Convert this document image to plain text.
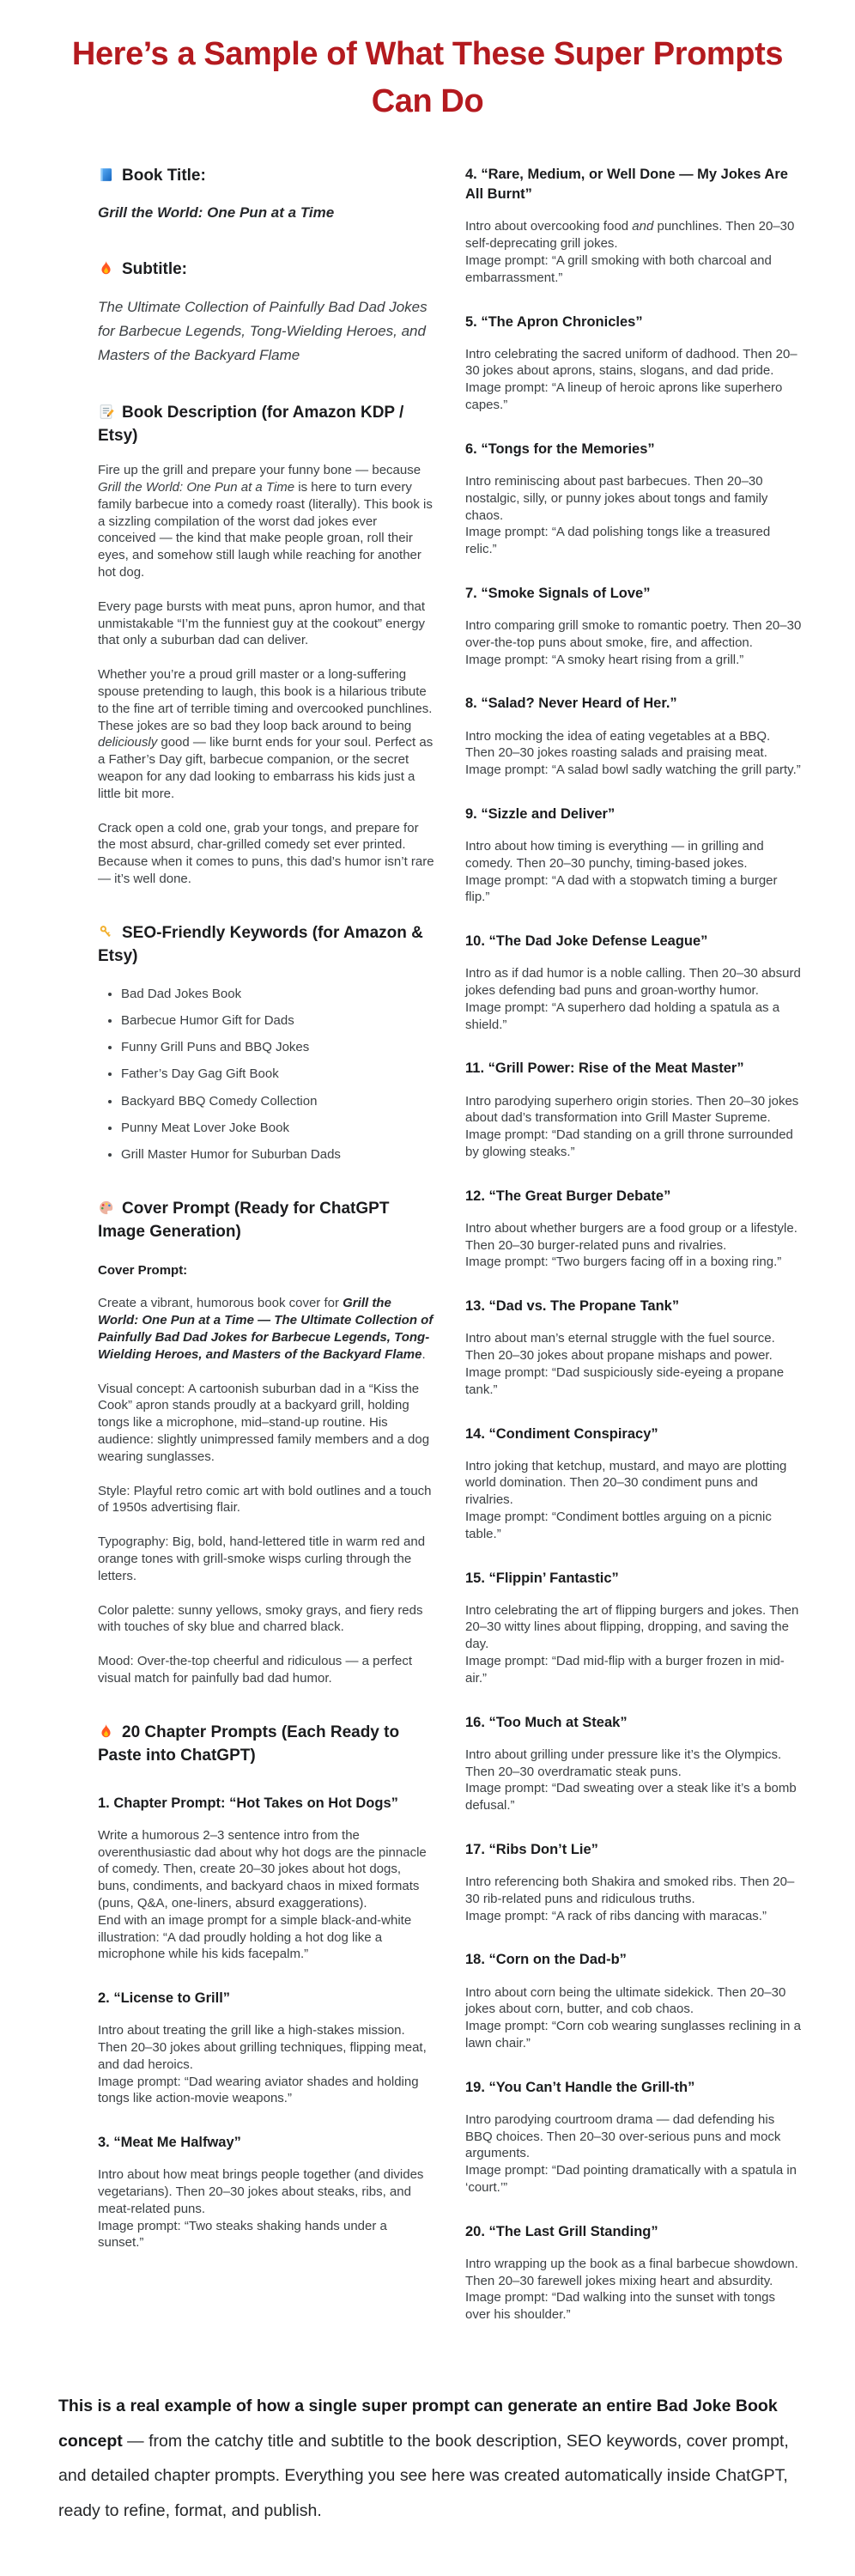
Here’s a Sample of What These Super Prompts Can Do
Book Title:

Grill the World: One Pun at a Time

Subtitle:

The Ultimate Collection of Painfully Bad Dad Jokes for Barbecue Legends, Tong-Wielding Heroes, and Masters of the Backyard Flame

Book Description (for Amazon KDP / Etsy)

Fire up the grill and prepare your funny bone — because Grill the World: One Pun at a Time is here to turn every family barbecue into a comedy roast (literally). This book is a sizzling compilation of the worst dad jokes ever conceived — the kind that make people groan, roll their eyes, and somehow still laugh while reaching for another hot dog.

Every page bursts with meat puns, apron humor, and that unmistakable “I’m the funniest guy at the cookout” energy that only a suburban dad can deliver.

Whether you’re a proud grill master or a long-suffering spouse pretending to laugh, this book is a hilarious tribute to the fine art of terrible timing and overcooked punchlines. These jokes are so bad they loop back around to being deliciously good — like burnt ends for your soul. Perfect as a Father’s Day gift, barbecue companion, or the secret weapon for any dad looking to embarrass his kids just a little bit more.

Crack open a cold one, grab your tongs, and prepare for the most absurd, char-grilled comedy set ever printed. Because when it comes to puns, this dad’s humor isn’t rare — it’s well done.

SEO-Friendly Keywords (for Amazon & Etsy)
• Bad Dad Jokes Book
• Barbecue Humor Gift for Dads
• Funny Grill Puns and BBQ Jokes
• Father’s Day Gag Gift Book
• Backyard BBQ Comedy Collection
• Punny Meat Lover Joke Book
• Grill Master Humor for Suburban Dads
Cover Prompt (Ready for ChatGPT Image Generation)

Cover Prompt:

Create a vibrant, humorous book cover for Grill the World: One Pun at a Time — The Ultimate Collection of Painfully Bad Dad Jokes for Barbecue Legends, Tong-Wielding Heroes, and Masters of the Backyard Flame.

Visual concept: A cartoonish suburban dad in a “Kiss the Cook” apron stands proudly at a backyard grill, holding tongs like a microphone, mid–stand-up routine. His audience: slightly unimpressed family members and a dog wearing sunglasses.

Style: Playful retro comic art with bold outlines and a touch of 1950s advertising flair.

Typography: Big, bold, hand-lettered title in warm red and orange tones with grill-smoke wisps curling through the letters.

Color palette: sunny yellows, smoky grays, and fiery reds with touches of sky blue and charred black.

Mood: Over-the-top cheerful and ridiculous — a perfect visual match for painfully bad dad humor.

20 Chapter Prompts (Each Ready to Paste into ChatGPT)
1. Chapter Prompt: “Hot Takes on Hot Dogs”

Write a humorous 2–3 sentence intro from the overenthusiastic dad about why hot dogs are the pinnacle of comedy. Then, create 20–30 jokes about hot dogs, buns, condiments, and backyard chaos in mixed formats (puns, Q&A, one-liners, absurd exaggerations).
End with an image prompt for a simple black-and-white illustration: “A dad proudly holding a hot dog like a microphone while his kids facepalm.”

2. “License to Grill”

Intro about treating the grill like a high-stakes mission. Then 20–30 jokes about grilling techniques, flipping meat, and dad heroics.
Image prompt: “Dad wearing aviator shades and holding tongs like action-movie weapons.”

3. “Meat Me Halfway”

Intro about how meat brings people together (and divides vegetarians). Then 20–30 jokes about steaks, ribs, and meat-related puns.
Image prompt: “Two steaks shaking hands under a sunset.”

4. “Rare, Medium, or Well Done — My Jokes Are All Burnt”

Intro about overcooking food and punchlines. Then 20–30 self-deprecating grill jokes.
Image prompt: “A grill smoking with both charcoal and embarrassment.”

5. “The Apron Chronicles”

Intro celebrating the sacred uniform of dadhood. Then 20–30 jokes about aprons, stains, slogans, and dad pride.
Image prompt: “A lineup of heroic aprons like superhero capes.”

6. “Tongs for the Memories”

Intro reminiscing about past barbecues. Then 20–30 nostalgic, silly, or punny jokes about tongs and family chaos.
Image prompt: “A dad polishing tongs like a treasured relic.”

7. “Smoke Signals of Love”

Intro comparing grill smoke to romantic poetry. Then 20–30 over-the-top puns about smoke, fire, and affection.
Image prompt: “A smoky heart rising from a grill.”

8. “Salad? Never Heard of Her.”

Intro mocking the idea of eating vegetables at a BBQ. Then 20–30 jokes roasting salads and praising meat.
Image prompt: “A salad bowl sadly watching the grill party.”

9. “Sizzle and Deliver”

Intro about how timing is everything — in grilling and comedy. Then 20–30 punchy, timing-based jokes.
Image prompt: “A dad with a stopwatch timing a burger flip.”

10. “The Dad Joke Defense League”

Intro as if dad humor is a noble calling. Then 20–30 absurd jokes defending bad puns and groan-worthy humor.
Image prompt: “A superhero dad holding a spatula as a shield.”

11. “Grill Power: Rise of the Meat Master”

Intro parodying superhero origin stories. Then 20–30 jokes about dad’s transformation into Grill Master Supreme.
Image prompt: “Dad standing on a grill throne surrounded by glowing steaks.”

12. “The Great Burger Debate”

Intro about whether burgers are a food group or a lifestyle. Then 20–30 burger-related puns and rivalries.
Image prompt: “Two burgers facing off in a boxing ring.”

13. “Dad vs. The Propane Tank”

Intro about man’s eternal struggle with the fuel source. Then 20–30 jokes about propane mishaps and power.
Image prompt: “Dad suspiciously side-eyeing a propane tank.”

14. “Condiment Conspiracy”

Intro joking that ketchup, mustard, and mayo are plotting world domination. Then 20–30 condiment puns and rivalries.
Image prompt: “Condiment bottles arguing on a picnic table.”

15. “Flippin’ Fantastic”

Intro celebrating the art of flipping burgers and jokes. Then 20–30 witty lines about flipping, dropping, and saving the day.
Image prompt: “Dad mid-flip with a burger frozen in mid-air.”

16. “Too Much at Steak”

Intro about grilling under pressure like it’s the Olympics. Then 20–30 overdramatic steak puns.
Image prompt: “Dad sweating over a steak like it’s a bomb defusal.”

17. “Ribs Don’t Lie”

Intro referencing both Shakira and smoked ribs. Then 20–30 rib-related puns and ridiculous truths.
Image prompt: “A rack of ribs dancing with maracas.”

18. “Corn on the Dad-b”

Intro about corn being the ultimate sidekick. Then 20–30 jokes about corn, butter, and cob chaos.
Image prompt: “Corn cob wearing sunglasses reclining in a lawn chair.”

19. “You Can’t Handle the Grill-th”

Intro parodying courtroom drama — dad defending his BBQ choices. Then 20–30 over-serious puns and mock arguments.
Image prompt: “Dad pointing dramatically with a spatula in ‘court.’”

20. “The Last Grill Standing”

Intro wrapping up the book as a final barbecue showdown. Then 20–30 farewell jokes mixing heart and absurdity.
Image prompt: “Dad walking into the sunset with tongs over his shoulder.”

This is a real example of how a single super prompt can generate an entire Bad Joke Book concept — from the catchy title and subtitle to the book description, SEO keywords, cover prompt, and detailed chapter prompts. Everything you see here was created automatically inside ChatGPT, ready to refine, format, and publish.
